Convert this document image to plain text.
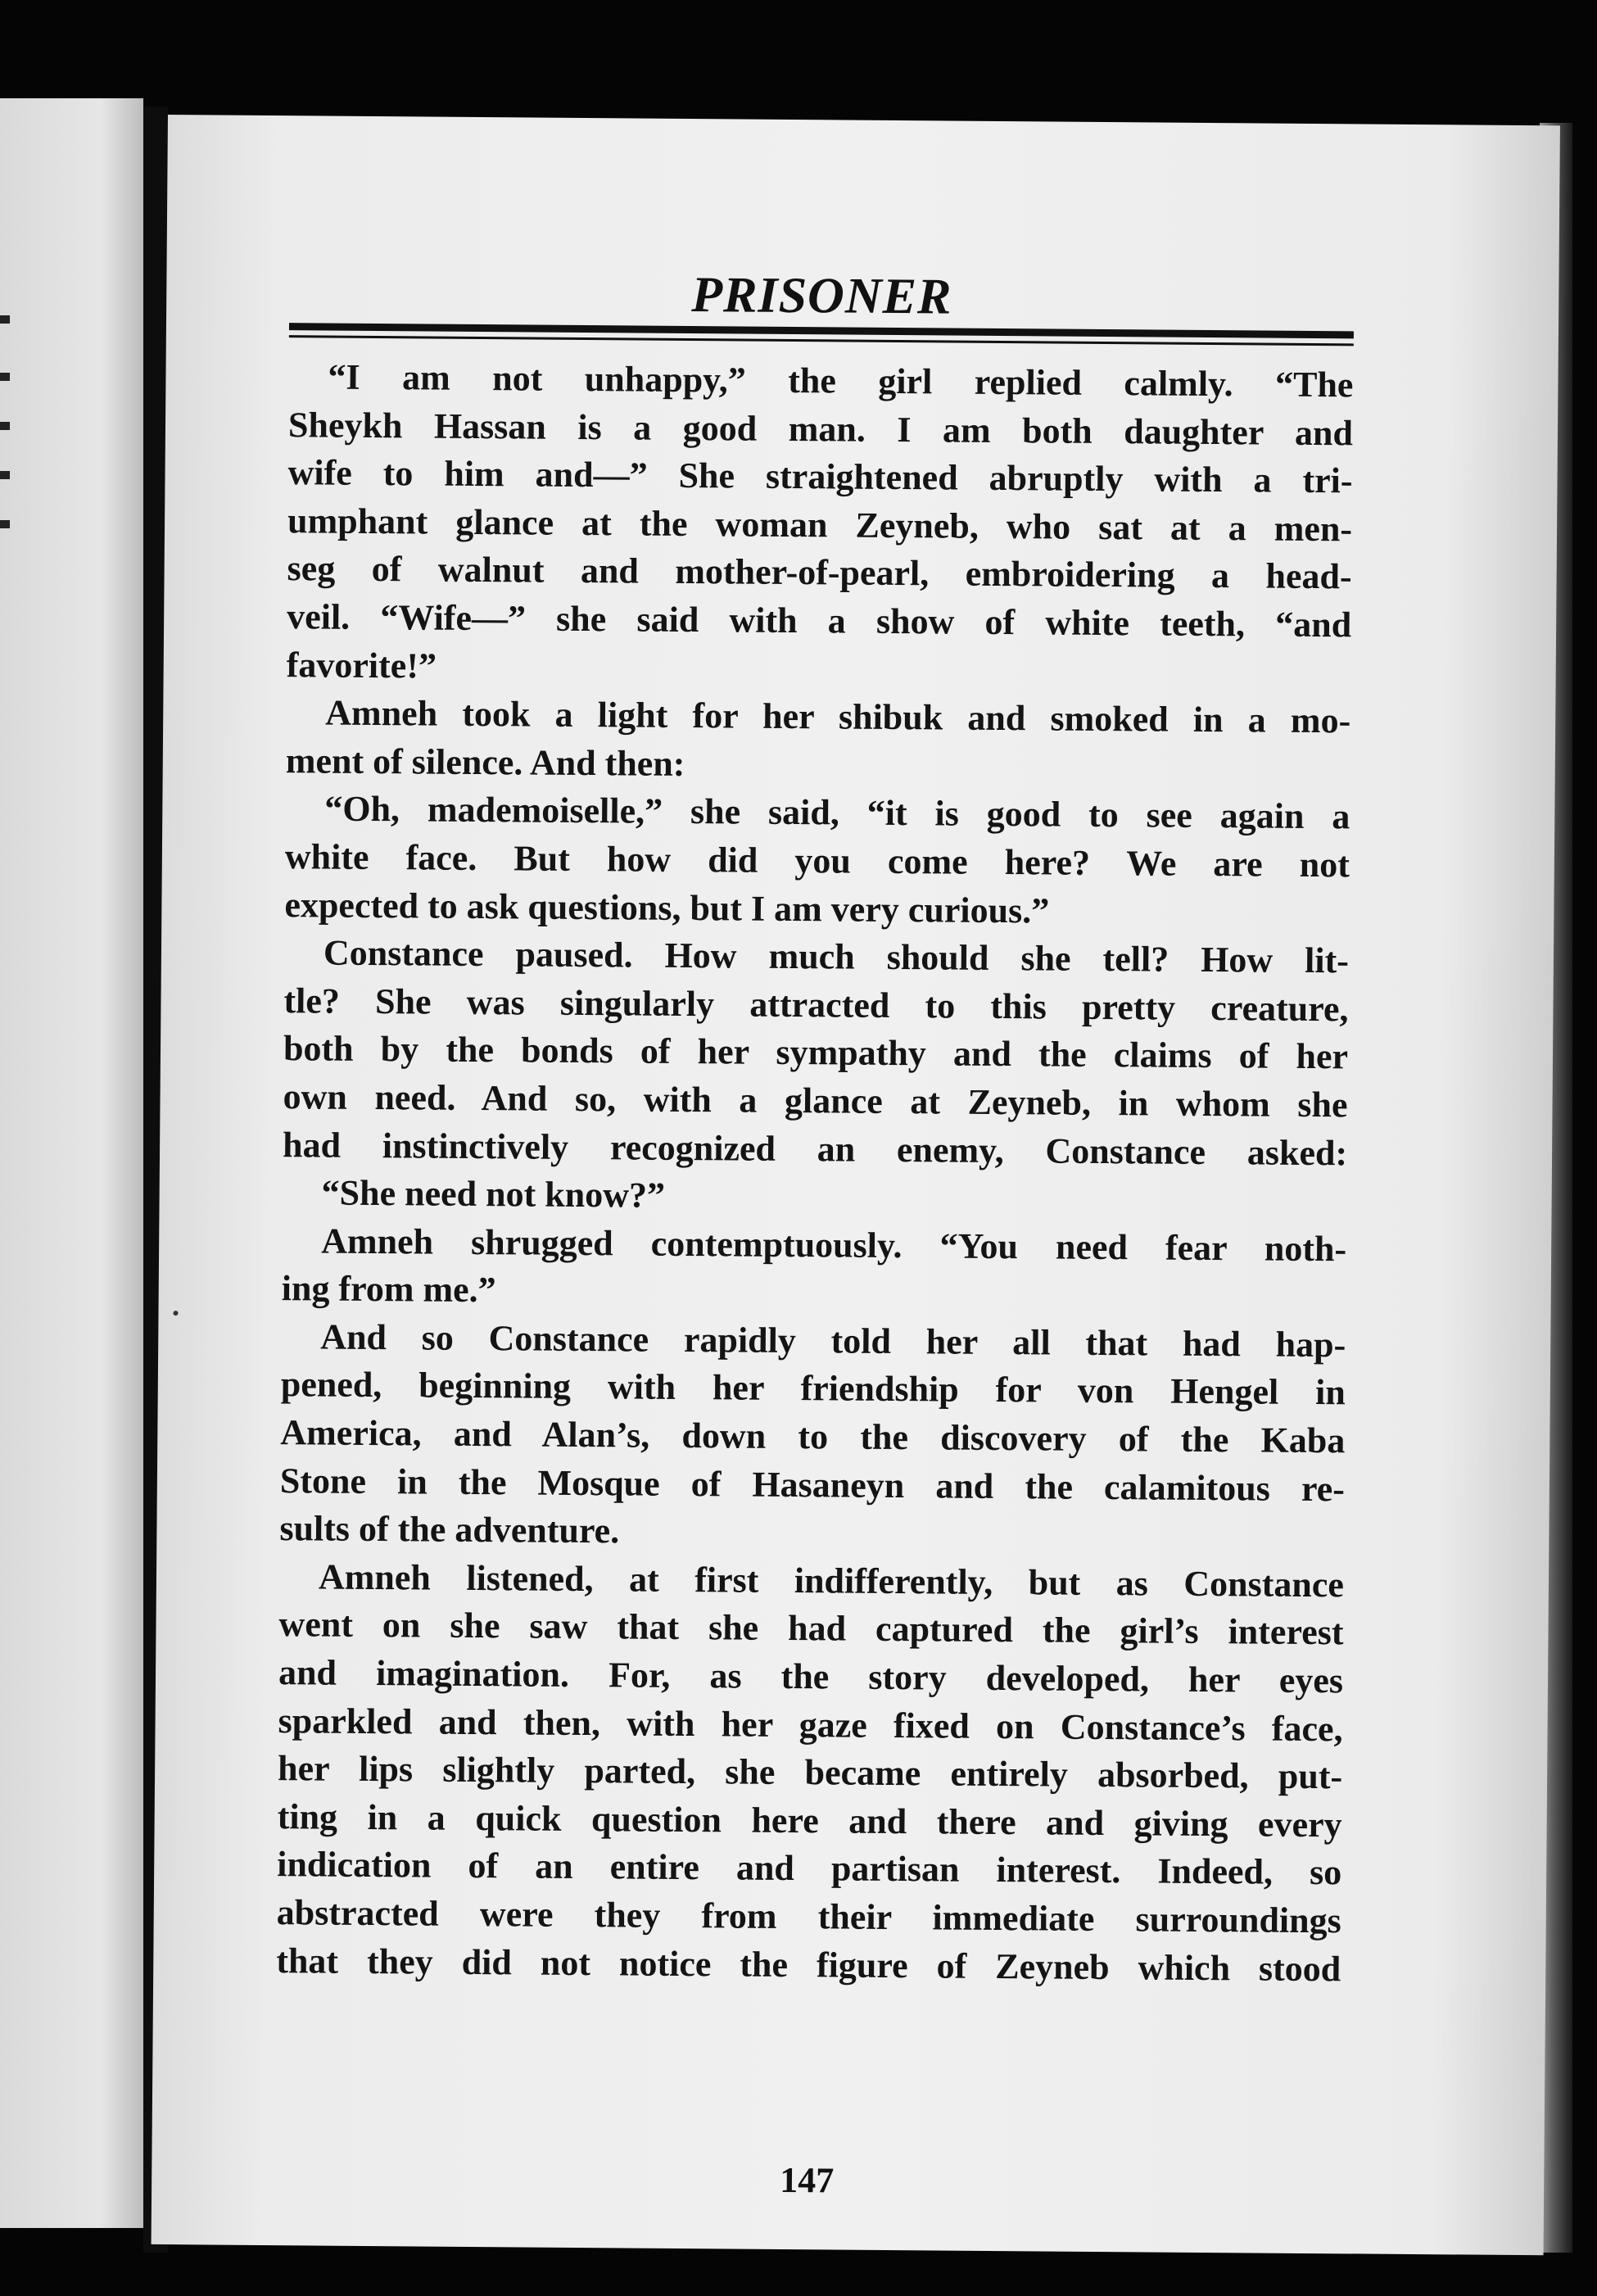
PRISONER
“I am not unhappy,” the girl replied calmly. “The
Sheykh Hassan is a good man. I am both daughter and
wife to him and—” She straightened abruptly with a tri-
umphant glance at the woman Zeyneb, who sat at a men-
seg of walnut and mother-of-pearl, embroidering a head-
veil. “Wife—” she said with a show of white teeth, “and
favorite!”
Amneh took a light for her shibuk and smoked in a mo-
ment of silence. And then:
“Oh, mademoiselle,” she said, “it is good to see again a
white face. But how did you come here? We are not
expected to ask questions, but I am very curious.”
Constance paused. How much should she tell? How lit-
tle? She was singularly attracted to this pretty creature,
both by the bonds of her sympathy and the claims of her
own need. And so, with a glance at Zeyneb, in whom she
had instinctively recognized an enemy, Constance asked:
“She need not know?”
Amneh shrugged contemptuously. “You need fear noth-
ing from me.”
And so Constance rapidly told her all that had hap-
pened, beginning with her friendship for von Hengel in
America, and Alan’s, down to the discovery of the Kaba
Stone in the Mosque of Hasaneyn and the calamitous re-
sults of the adventure.
Amneh listened, at first indifferently, but as Constance
went on she saw that she had captured the girl’s interest
and imagination. For, as the story developed, her eyes
sparkled and then, with her gaze fixed on Constance’s face,
her lips slightly parted, she became entirely absorbed, put-
ting in a quick question here and there and giving every
indication of an entire and partisan interest. Indeed, so
abstracted were they from their immediate surroundings
that they did not notice the figure of Zeyneb which stood
147
